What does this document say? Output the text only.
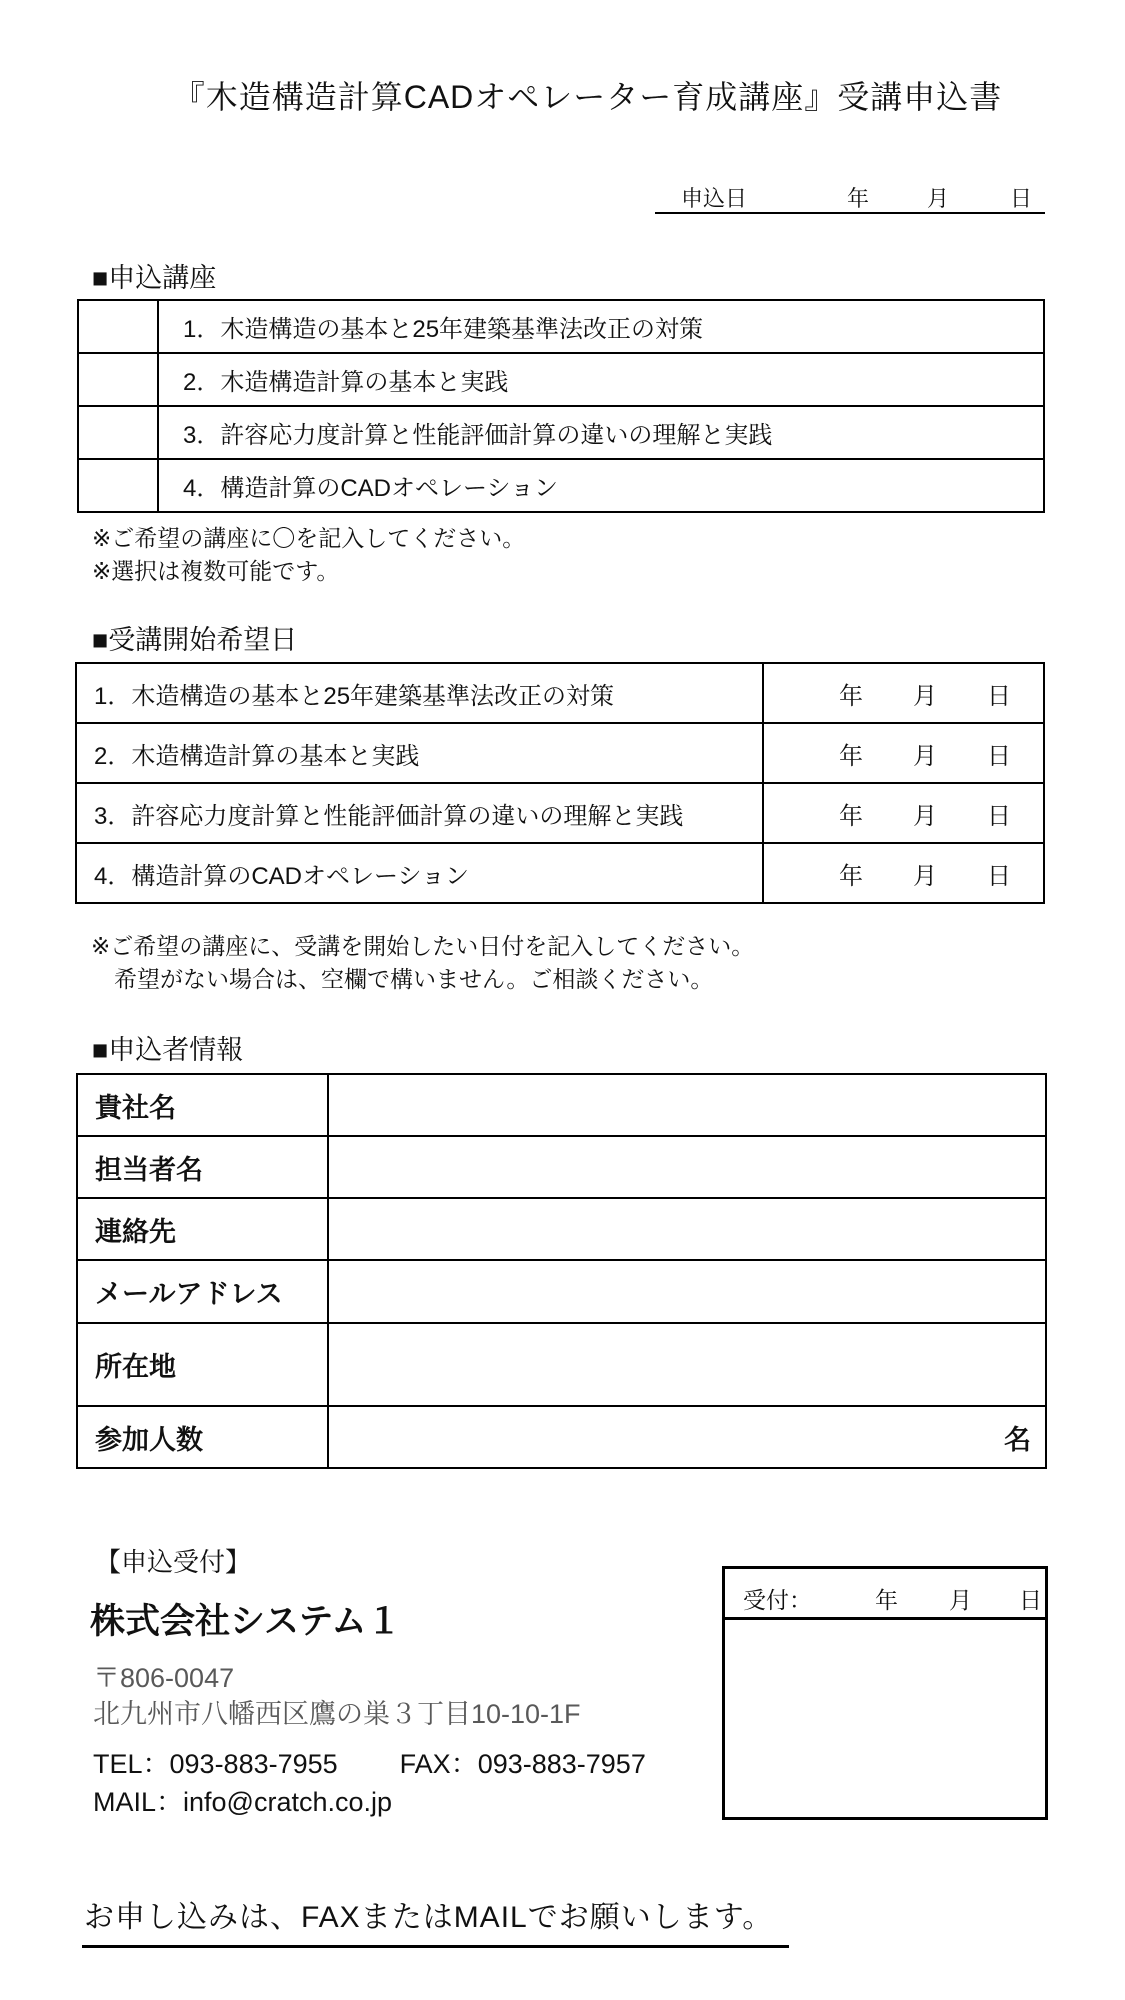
『木造構造計算CADオペレーター育成講座』受講申込書
申込日	年	月	日
■申込講座
1．木造構造の基本と25年建築基準法改正の対策
2．木造構造計算の基本と実践
3．許容応力度計算と性能評価計算の違いの理解と実践
4．構造計算のCADオペレーション
※ご希望の講座に〇を記入してください。
※選択は複数可能です。
■受講開始希望日
1．木造構造の基本と25年建築基準法改正の対策	年 月 日
2．木造構造計算の基本と実践	年 月 日
3．許容応力度計算と性能評価計算の違いの理解と実践	年 月 日
4．構造計算のCADオペレーション	年 月 日
※ご希望の講座に、受講を開始したい日付を記入してください。
希望がない場合は、空欄で構いません。ご相談ください。
■申込者情報
貴社名
担当者名
連絡先
メールアドレス
所在地
参加人数	名
【申込受付】
株式会社システム１
〒806-0047
北九州市八幡西区鷹の巣３丁目10-10-1F
TEL：093-883-7955 FAX：093-883-7957
MAIL：info@cratch.co.jp
受付：	年 月 日
お申し込みは、FAXまたはMAILでお願いします。
